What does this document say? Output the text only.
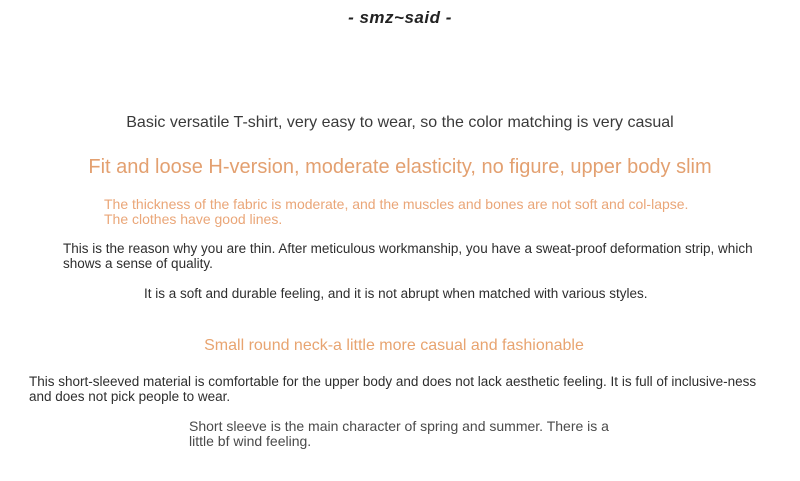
- smz~said -

Basic versatile T-shirt, very easy to wear, so the color matching is very casual

Fit and loose H-version, moderate elasticity, no figure, upper body slim

The thickness of the fabric is moderate, and the muscles and bones are not soft and col-lapse. The clothes have good lines.

This is the reason why you are thin. After meticulous workmanship, you have a sweat-proof deformation strip, which shows a sense of quality.

It is a soft and durable feeling, and it is not abrupt when matched with various styles.

Small round neck-a little more casual and fashionable

This short-sleeved material is comfortable for the upper body and does not lack aesthetic feeling. It is full of inclusive-ness and does not pick people to wear.

Short sleeve is the main character of spring and summer. There is a little bf wind feeling.
